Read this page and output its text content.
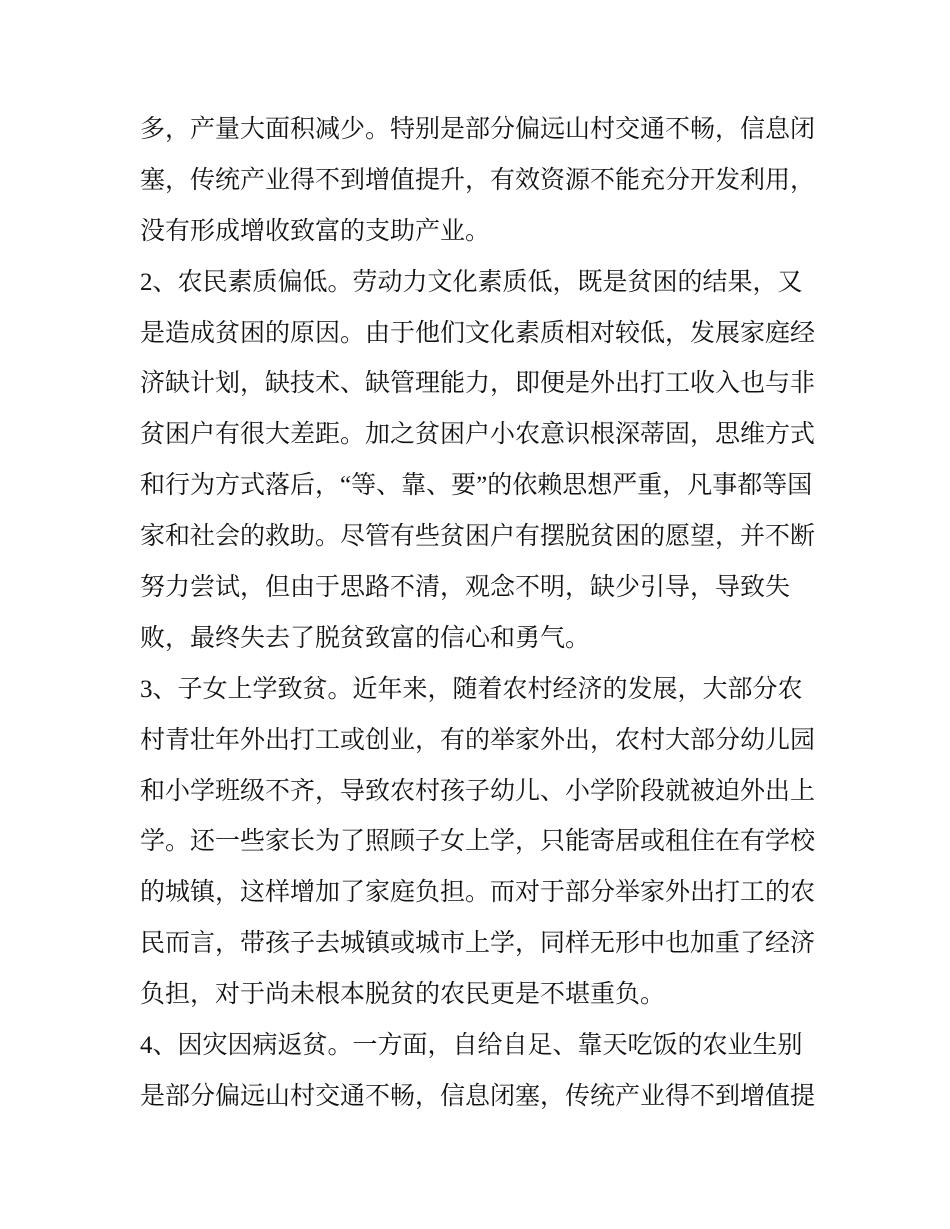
多，产量大面积减少。特别是部分偏远山村交通不畅，信息闭
塞，传统产业得不到增值提升，有效资源不能充分开发利用，
没有形成增收致富的支助产业。
2、农民素质偏低。劳动力文化素质低，既是贫困的结果，又
是造成贫困的原因。由于他们文化素质相对较低，发展家庭经
济缺计划，缺技术、缺管理能力，即便是外出打工收入也与非
贫困户有很大差距。加之贫困户小农意识根深蒂固，思维方式
和行为方式落后，“等、靠、要”的依赖思想严重，凡事都等国
家和社会的救助。尽管有些贫困户有摆脱贫困的愿望，并不断
努力尝试，但由于思路不清，观念不明，缺少引导，导致失
败，最终失去了脱贫致富的信心和勇气。
3、子女上学致贫。近年来，随着农村经济的发展，大部分农
村青壮年外出打工或创业，有的举家外出，农村大部分幼儿园
和小学班级不齐，导致农村孩子幼儿、小学阶段就被迫外出上
学。还一些家长为了照顾子女上学，只能寄居或租住在有学校
的城镇，这样增加了家庭负担。而对于部分举家外出打工的农
民而言，带孩子去城镇或城市上学，同样无形中也加重了经济
负担，对于尚未根本脱贫的农民更是不堪重负。
4、因灾因病返贫。一方面，自给自足、靠天吃饭的农业生别
是部分偏远山村交通不畅，信息闭塞，传统产业得不到增值提
